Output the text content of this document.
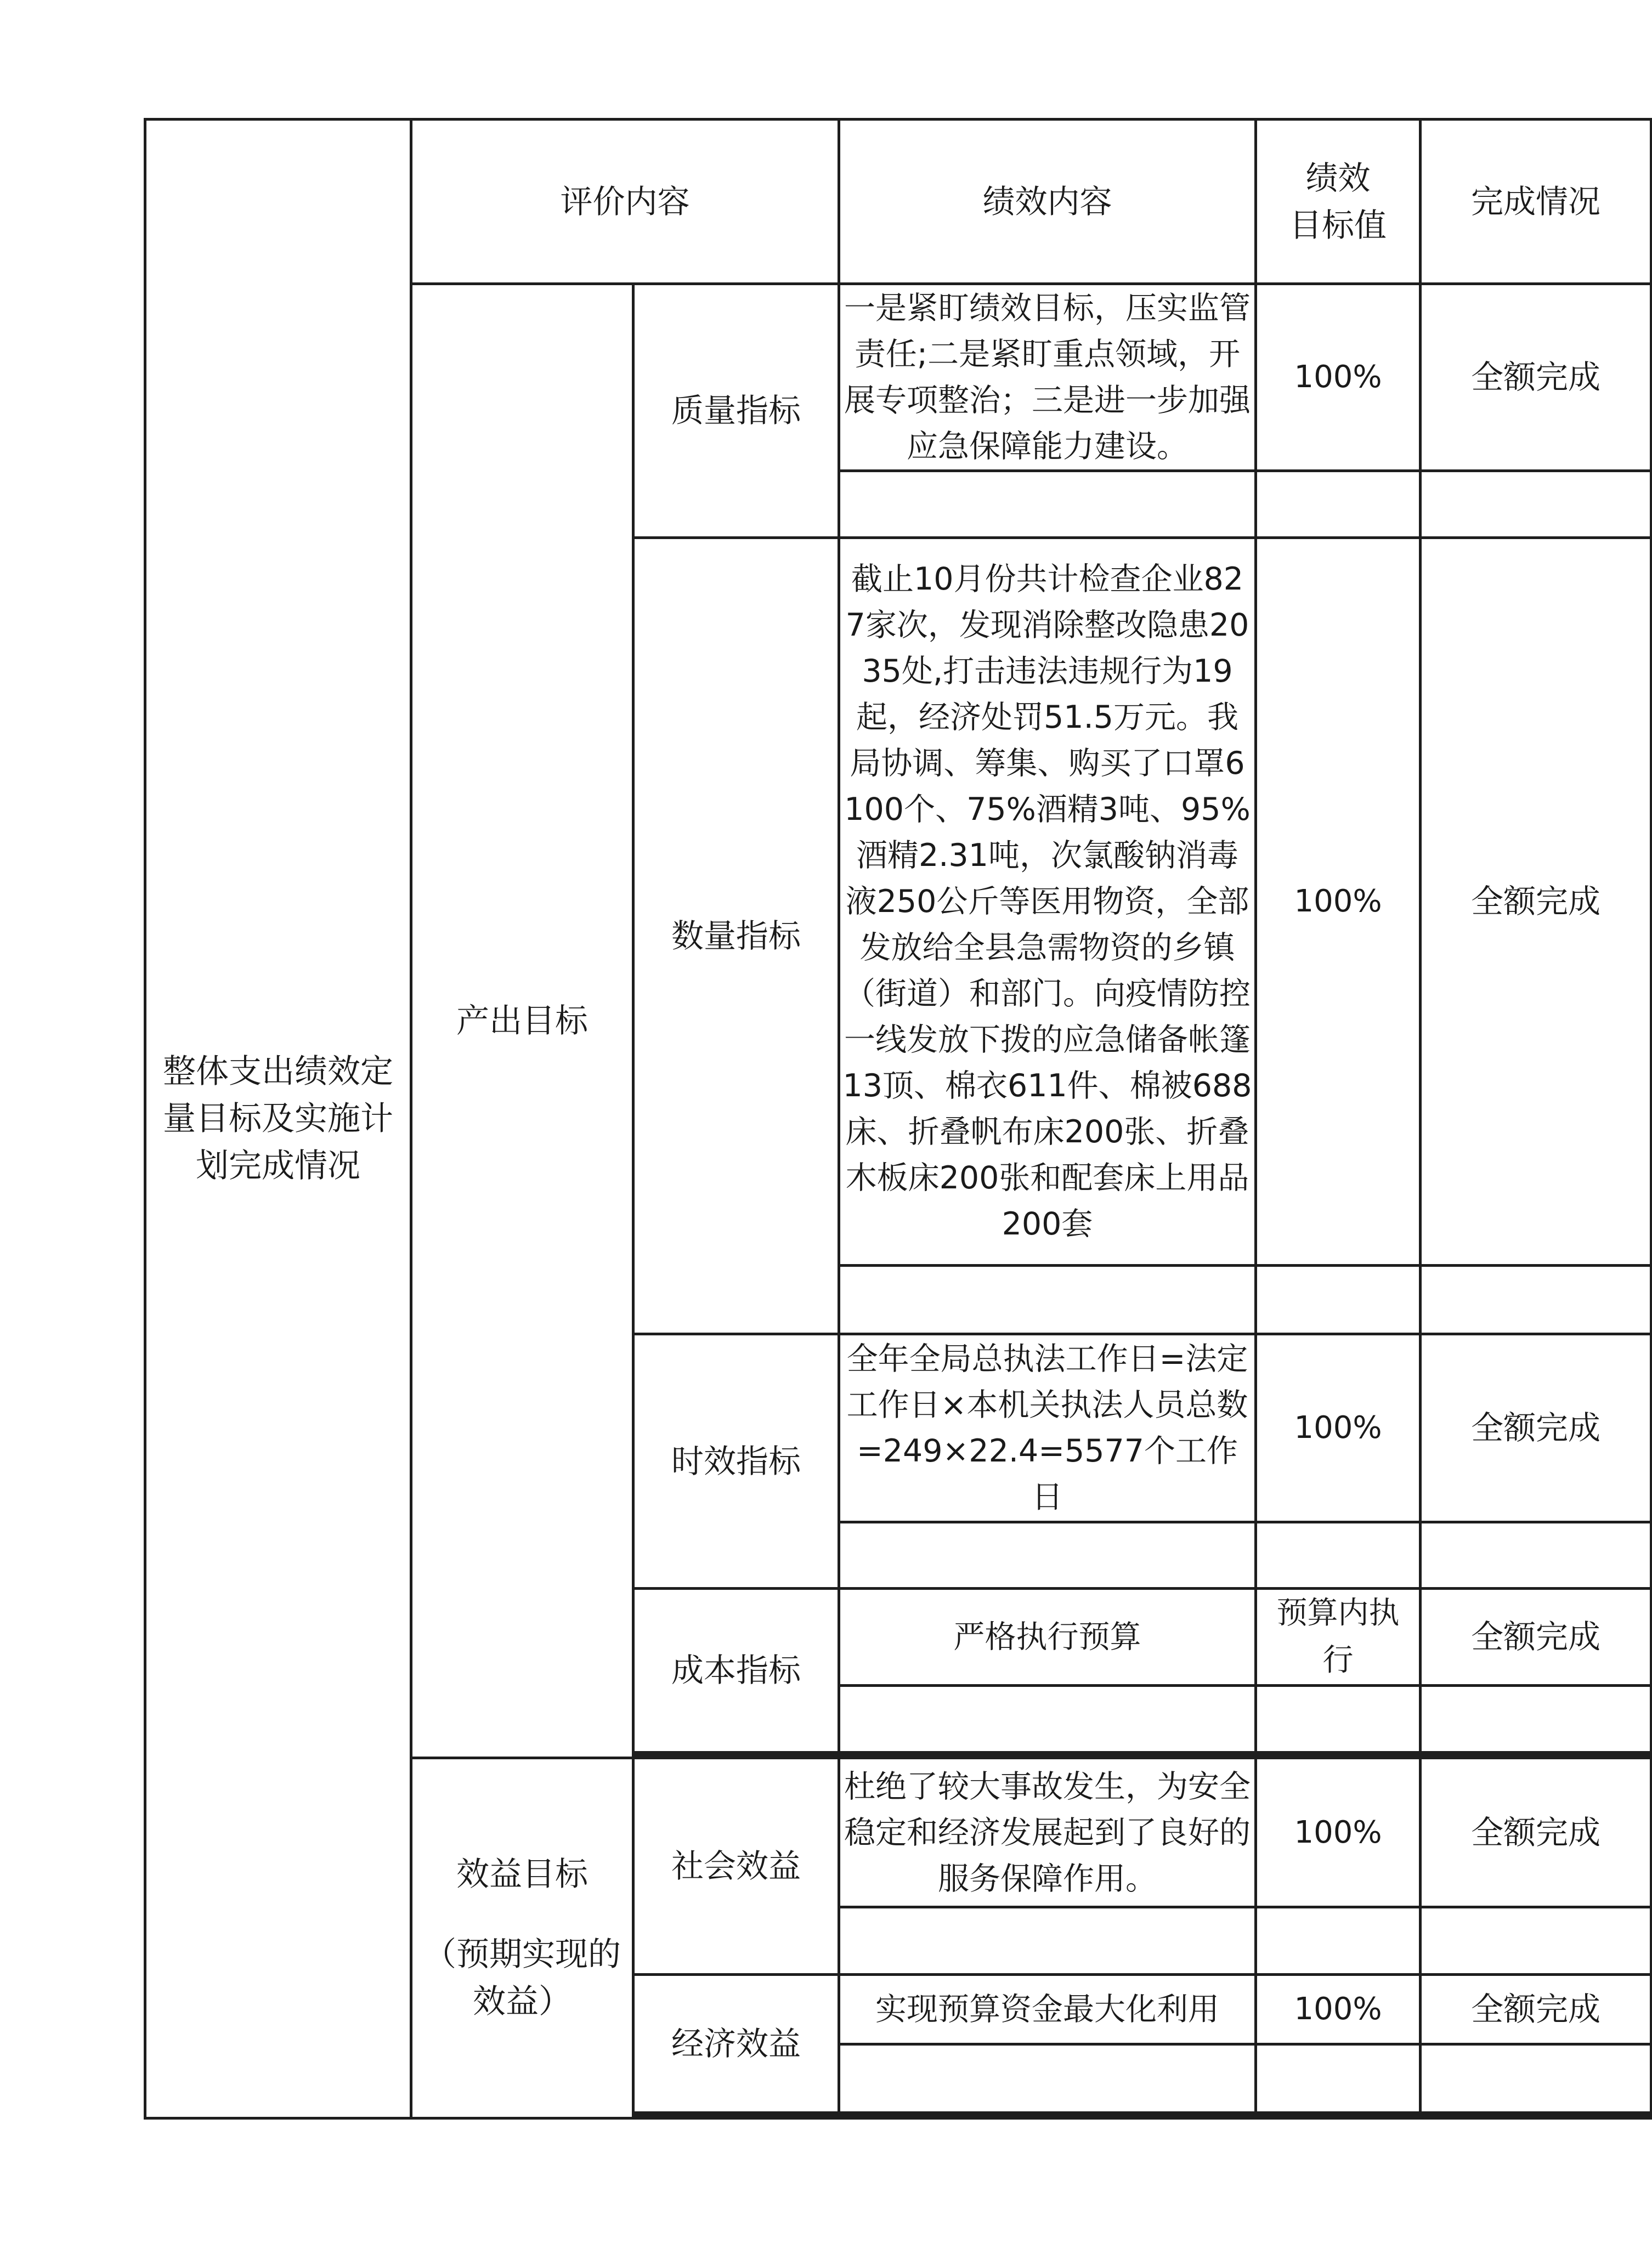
整体支出绩效定量目标及实施计划完成情况	评价内容		绩效内容	绩效
目标值	完成情况	
	产出目标	质量指标	一是紧盯绩效目标，压实监管责任;二是紧盯重点领域，开展专项整治；三是进一步加强应急保障能力建设。	100%	全额完成	

		数量指标	截止10月份共计检查企业827家次，发现消除整改隐患2035处,打击违法违规行为19起，经济处罚51.5万元。我局协调、筹集、购买了口罩6100个、75%酒精3吨、95%酒精2.31吨，次氯酸钠消毒液250公斤等医用物资，全部发放给全县急需物资的乡镇（街道）和部门。向疫情防控一线发放下拨的应急储备帐篷13顶、棉衣611件、棉被688床、折叠帆布床200张、折叠木板床200张和配套床上用品200套	100%	全额完成	

		时效指标	全年全局总执法工作日=法定工作日×本机关执法人员总数=249×22.4=5577个工作日	100%	全额完成	

		成本指标	严格执行预算	预算内执行	全额完成	

	效益目标
（预期实现的效益）	社会效益	杜绝了较大事故发生，为安全稳定和经济发展起到了良好的服务保障作用。	100%	全额完成	

		经济效益	实现预算资金最大化利用	100%	全额完成	
